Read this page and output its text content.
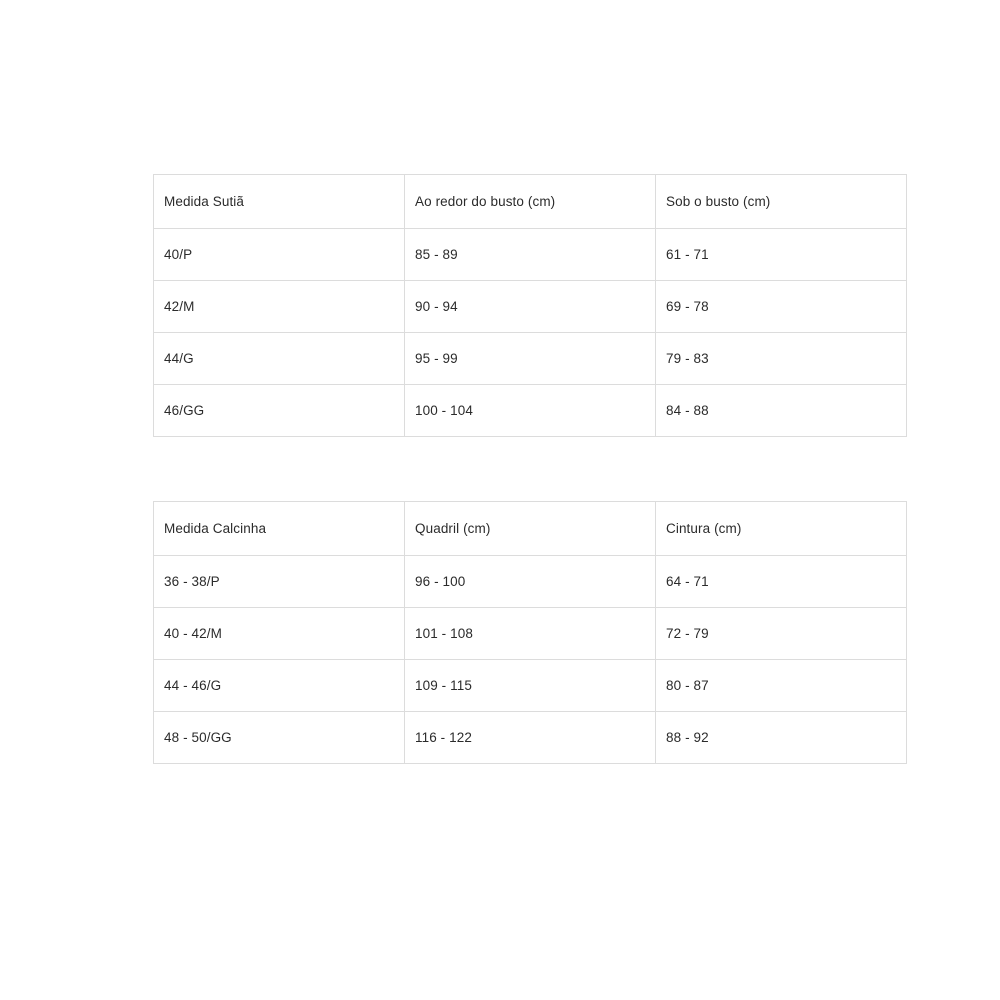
Medida Sutiã	Ao redor do busto (cm)	Sob o busto (cm)
40/P	85 - 89	61 - 71
42/M	90 - 94	69 - 78
44/G	95 - 99	79 - 83
46/GG	100 - 104	84 - 88
Medida Calcinha	Quadril (cm)	Cintura (cm)
36 - 38/P	96 - 100	64 - 71
40 - 42/M	101 - 108	72 - 79
44 - 46/G	109 - 115	80 - 87
48 - 50/GG	116 - 122	88 - 92
